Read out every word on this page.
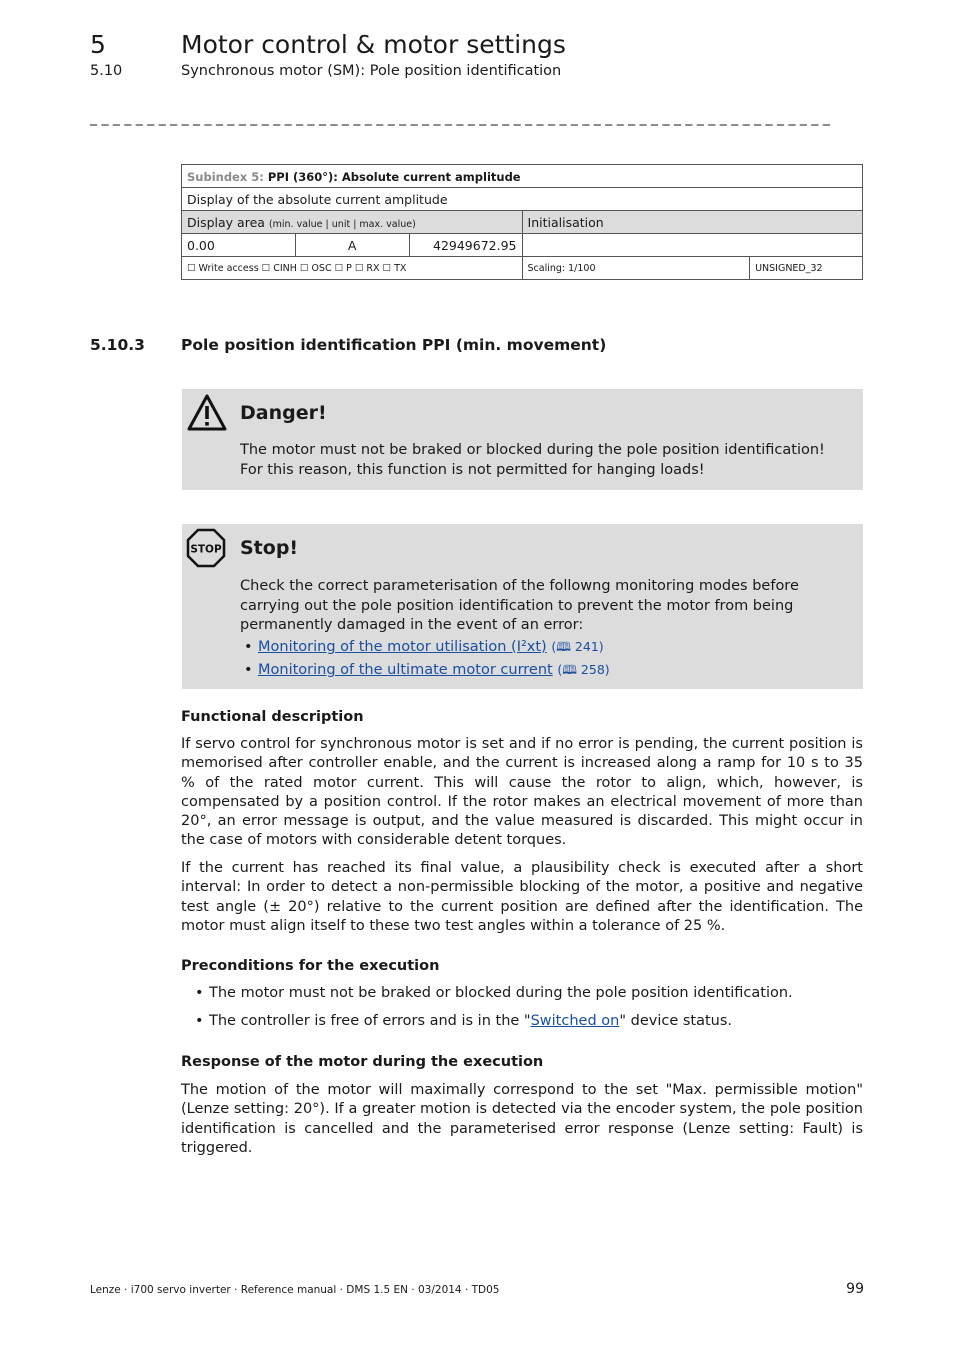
5	Motor control & motor settings
5.10	Synchronous motor (SM): Pole position identification
_ _ _ _ _ _ _ _ _ _ _ _ _ _ _ _ _ _ _ _ _ _ _ _ _ _ _ _ _ _ _ _ _ _ _ _ _ _ _ _ _ _ _ _ _ _ _ _ _ _ _ _ _ _ _ _ _ _ _ _ _ _ _ _ _
Subindex 5: PPI (360°): Absolute current amplitude				
Display of the absolute current amplitude				
Display area (min. value | unit | max. value)			Initialisation	
0.00	A	42949672.95		
☐ Write access ☐ CINH ☐ OSC ☐ P ☐ RX ☐ TX			Scaling: 1/100	UNSIGNED_32
5.10.3 Pole position identification PPI (min. movement)
Danger!
The motor must not be braked or blocked during the pole position identification! For this reason, this function is not permitted for hanging loads!
STOP Stop!
Check the correct parameterisation of the followng monitoring modes before carrying out the pole position identification to prevent the motor from being permanently damaged in the event of an error:
• Monitoring of the motor utilisation (I²xt) (🕮 241)
• Monitoring of the ultimate motor current (🕮 258)
Functional description
If servo control for synchronous motor is set and if no error is pending, the current position is memorised after controller enable, and the current is increased along a ramp for 10 s to 35 % of the rated motor current. This will cause the rotor to align, which, however, is compensated by a position control. If the rotor makes an electrical movement of more than 20°, an error message is output, and the value measured is discarded. This might occur in the case of motors with considerable detent torques.
If the current has reached its final value, a plausibility check is executed after a short interval: In order to detect a non-permissible blocking of the motor, a positive and negative test angle (± 20°) relative to the current position are defined after the identification. The motor must align itself to these two test angles within a tolerance of 25 %.
Preconditions for the execution
• The motor must not be braked or blocked during the pole position identification.
• The controller is free of errors and is in the "Switched on" device status.
Response of the motor during the execution
The motion of the motor will maximally correspond to the set "Max. permissible motion" (Lenze setting: 20°). If a greater motion is detected via the encoder system, the pole position identification is cancelled and the parameterised error response (Lenze setting: Fault) is triggered.
Lenze · i700 servo inverter · Reference manual · DMS 1.5 EN · 03/2014 · TD05	99
